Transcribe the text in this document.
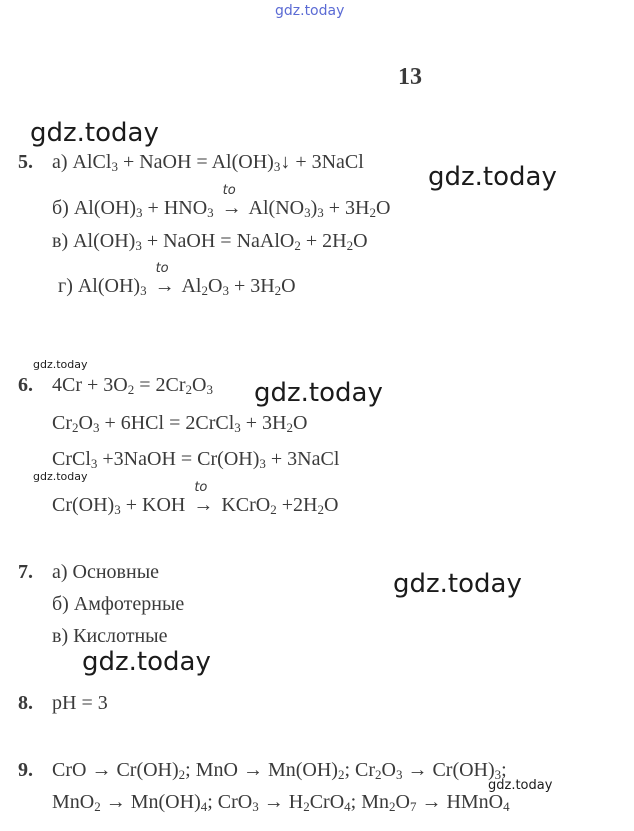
gdz.today
13
gdz.today
gdz.today
gdz.today
gdz.today
gdz.today
gdz.today
gdz.today
gdz.today
5. а) AlCl$_3$ + NaOH = $Al(OH)_3↓$ + 3NaCl
б) $Al(OH)_3 + HNO_3$
to
→ $Al(NO_3)_3 + 3H_2O$
в) $Al(OH)_3$ + NaOH = NaAlO$_2$ + $2H_2O$
г) $Al(OH)_3$
to
→ $Al_2O_3 + 3H_2O$
6. $4Cr + 3O_2 = 2Cr_2O_3$
$Cr_2O_3 + 6HCl$ = 2CrCl$_3$ + $3H_2O$
CrCl$_3$ +3NaOH = $Cr(OH)_3$ + 3NaCl
$Cr(OH)_3$ + KOH
to
→ KCrO$_2$ $+2H_2O$
7. а) Основные
б) Амфотерные
в) Кислотные
8. pH = 3
9. CrO → $Cr(OH)_2$; MnO → $Mn(OH)_2$; $Cr_2O_3 \to Cr(OH)_3$;
$MnO_2 \to Mn(OH)_4$; $CrO_3 \to H_2CrO_4$; $Mn_2O_7$ → HMnO$_4$
